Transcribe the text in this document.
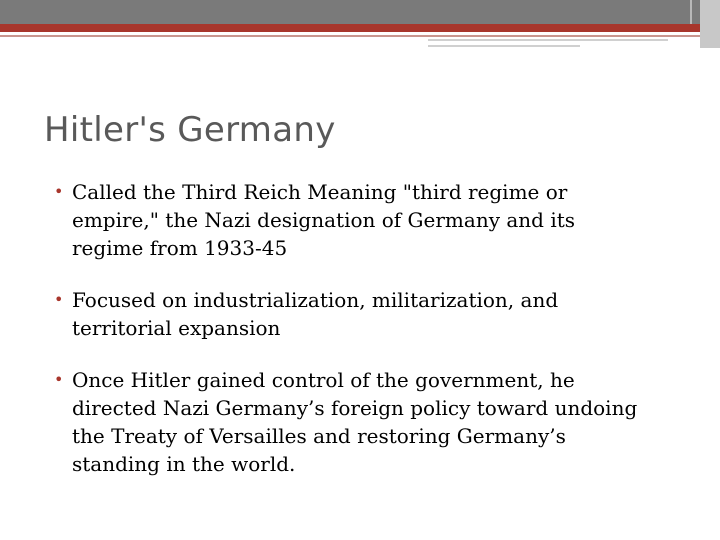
Hitler's Germany
• Called the Third Reich Meaning "third regime or empire," the Nazi designation of Germany and its regime from 1933-45
• Focused on industrialization, militarization, and territorial expansion
• Once Hitler gained control of the government, he directed Nazi Germany’s foreign policy toward undoing the Treaty of Versailles and restoring Germany’s standing in the world.
